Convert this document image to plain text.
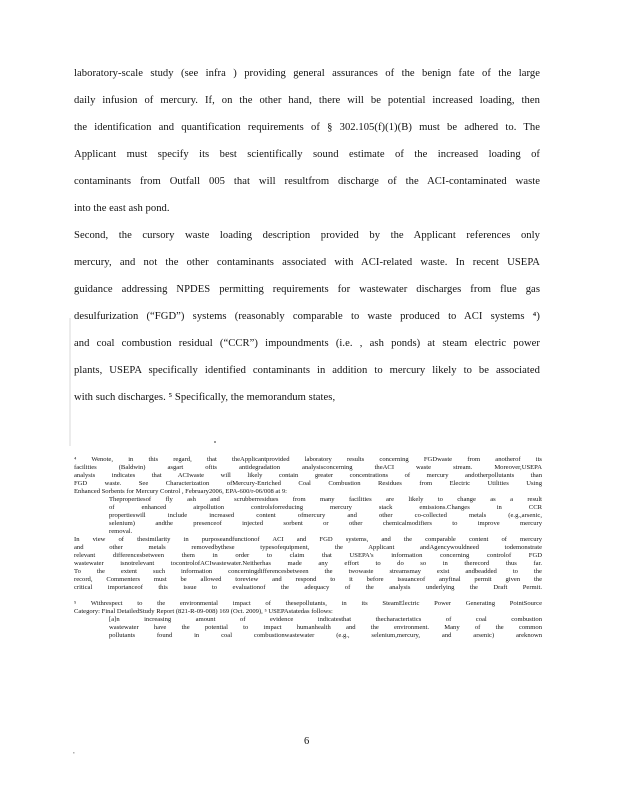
laboratory-scale study (see infra ) providing general assurances of the benign fate of the large
daily infusion of mercury. If, on the other hand, there will be potential increased loading, then
the identification and quantification requirements of § 302.105(f)(1)(B) must be adhered to. The
Applicant must specify its best scientifically sound estimate of the increased loading of
contaminants from Outfall 005 that will resultfrom discharge of the ACI-contaminated waste
into the east ash pond.
Second, the cursory waste loading description provided by the Applicant references only
mercury, and not the other contaminants associated with ACI-related waste. In recent USEPA
guidance addressing NPDES permitting requirements for wastewater discharges from flue gas
desulfurization (“FGD”) systems (reasonably comparable to waste produced to ACI systems ⁴)
and coal combustion residual (“CCR”) impoundments (i.e. , ash ponds) at steam electric power
plants, USEPA specifically identified contaminants in addition to mercury likely to be associated
with such discharges. ⁵ Specifically, the memorandum states,
⁴ Wenote, in this regard, that theApplicantprovided laboratory results concerning FGDwaste from anotherof its
facilities (Baldwin) asgart ofits antidegradation analysisconcerning theACI waste stream. Moreover,USEPA
analysis indicates that ACIwaste will likely contain greater concentrations of mercury andotherpollutants than
FGD waste. See Characterization ofMercury-Enriched Coal Combustion Residues from Electric Utilities Using
Enhanced Sorbents for Mercury Control , February2006, EPA-600/r-06/008 at 9:
Thepropertiesof fly ash and scrubberresidues from many facilities are likely to change as a result
of enhanced airpollution controlsforreducing mercury stack emissions.Changes in CCR
propertieswill include increased content ofmercury and other co-collected metals (e.g.,arsenic,
selenium) andthe presenceof injected sorbent or other chemicalmodifiers to improve mercury
removal.
In view of thesimilarity in purposeandfunctionof ACI and FGD systems, and the comparable content of mercury
and other metals removedbythese typesofequipment, the Applicant andAgencywouldneed todemonstrate
relevant differencesbetween them in order to claim that USEPA's information concerning controlof FGD
wastewater isnotrelevant tocontrolofACIwastewater.Neitherhas made any effort to do so in therecord thus far.
To the extent such information concerningdifferencesbetween the twowaste streamsmay exist andbeadded to the
record, Commenters must be allowed toreview and respond to it before issuanceof anyfinal permit given the
critical importanceof this issue to evaluationof the adequacy of the analysis underlying the Draft Permit.
⁵ Withrespect to the environmental impact of thesepollutants, in its SteamElectric Power Generating PointSource
Category: Final DetailedStudy Report (821-R-09-008) 169 (Oct. 2009), ⁵ USEPAstatedas follows:
[a]n increasing amount of evidence indicatesthat thecharacteristics of coal combustion
wastewater have the potential to impact humanhealth and the environment. Many of the common
pollutants found in coal combustionwastewater (e.g., selenium,mercury, and arsenic) areknown
6
